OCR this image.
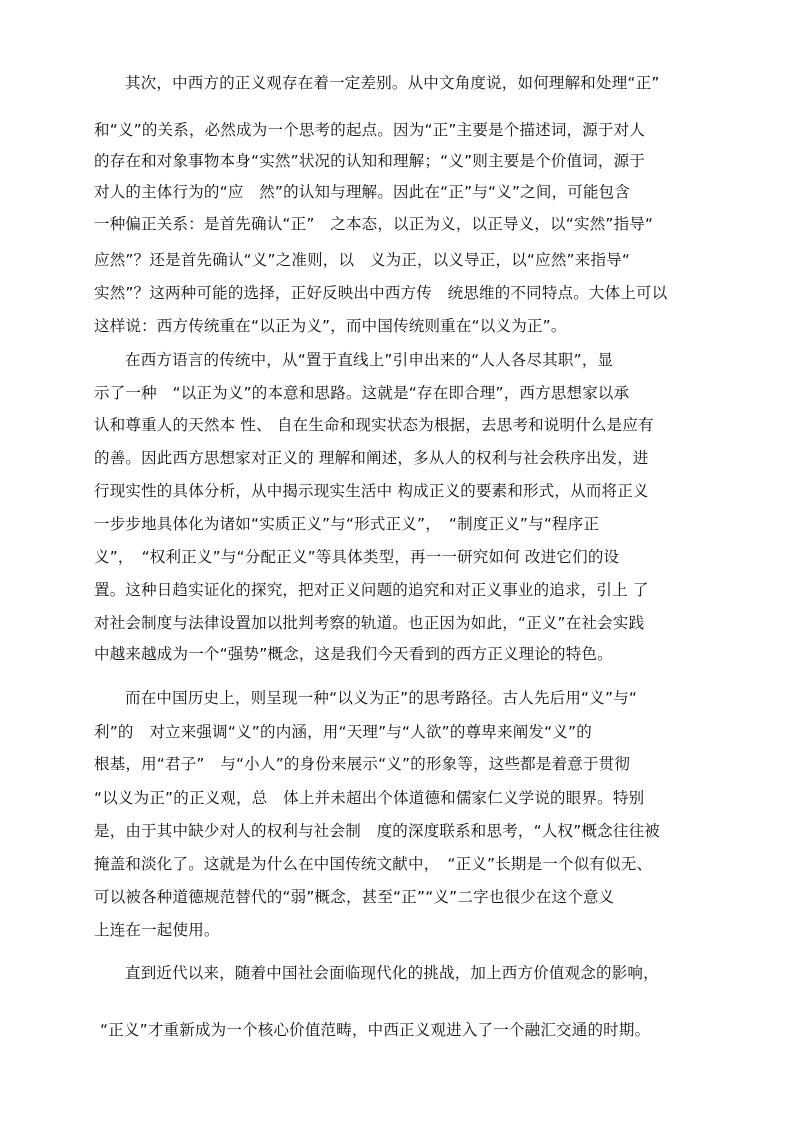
其次，中西方的正义观存在着一定差别。从中文角度说，如何理解和处理“正”
和“义”的关系，必然成为一个思考的起点。因为“正”主要是个描述词，源于对人
的存在和对象事物本身“实然”状况的认知和理解；“义”则主要是个价值词，源于
对人的主体行为的“应　然”的认知与理解。因此在“正”与“义”之间，可能包含
一种偏正关系：是首先确认“正”　之本态，以正为义，以正导义，以“实然”指导“
应然”？还是首先确认“义”之准则，以　义为正，以义导正，以“应然”来指导“
实然”？这两种可能的选择，正好反映出中西方传　统思维的不同特点。大体上可以
这样说：西方传统重在“以正为义”，而中国传统则重在“以义为正”。
在西方语言的传统中，从“置于直线上”引申出来的“人人各尽其职”，显
示了一种　“以正为义”的本意和思路。这就是“存在即合理”，西方思想家以承
认和尊重人的天然本 性、 自在生命和现实状态为根据，去思考和说明什么是应有
的善。因此西方思想家对正义的 理解和阐述，多从人的权利与社会秩序出发，进
行现实性的具体分析，从中揭示现实生活中 构成正义的要素和形式，从而将正义
一步步地具体化为诸如“实质正义”与“形式正义”，　“制度正义”与“程序正
义”，　“权利正义”与“分配正义”等具体类型，再一一研究如何 改进它们的设
置。这种日趋实证化的探究，把对正义问题的追究和对正义事业的追求，引上 了
对社会制度与法律设置加以批判考察的轨道。也正因为如此，“正义”在社会实践
中越来越成为一个“强势”概念，这是我们今天看到的西方正义理论的特色。
而在中国历史上，则呈现一种“以义为正”的思考路径。古人先后用“义”与“
利”的　对立来强调“义”的内涵，用“天理”与“人欲”的尊卑来阐发“义”的
根基，用“君子”　与“小人”的身份来展示“义”的形象等，这些都是着意于贯彻
“以义为正”的正义观，总　体上并未超出个体道德和儒家仁义学说的眼界。特别
是，由于其中缺少对人的权利与社会制　度的深度联系和思考，“人权”概念往往被
掩盖和淡化了。这就是为什么在中国传统文献中，　“正义”长期是一个似有似无、
可以被各种道德规范替代的“弱”概念，甚至“正”“义”二字也很少在这个意义
上连在一起使用。
直到近代以来，随着中国社会面临现代化的挑战，加上西方价值观念的影响，
“正义”才重新成为一个核心价值范畴，中西正义观进入了一个融汇交通的时期。
